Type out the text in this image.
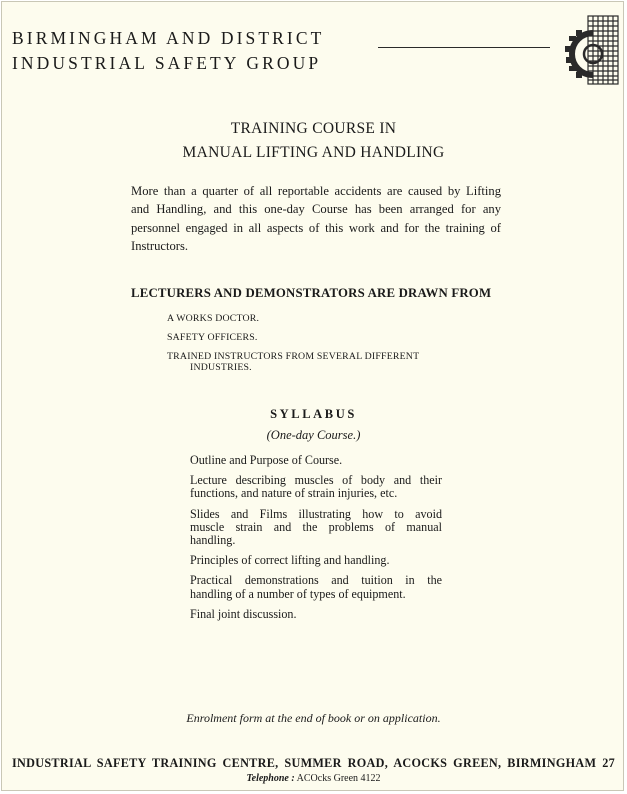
BIRMINGHAM AND DISTRICT
INDUSTRIAL SAFETY GROUP
TRAINING COURSE IN
MANUAL LIFTING AND HANDLING
More than a quarter of all reportable accidents are caused by Lifting
and Handling, and this one-day Course has been arranged for any
personnel engaged in all aspects of this work and for the training of
Instructors.
LECTURERS AND DEMONSTRATORS ARE DRAWN FROM
A WORKS DOCTOR.
SAFETY OFFICERS.
TRAINED INSTRUCTORS FROM SEVERAL DIFFERENT
INDUSTRIES.
SYLLABUS
(One-day Course.)
Outline and Purpose of Course.
Lecture describing muscles of body and their
functions, and nature of strain injuries, etc.
Slides and Films illustrating how to avoid
muscle strain and the problems of manual
handling.
Principles of correct lifting and handling.
Practical demonstrations and tuition in the
handling of a number of types of equipment.
Final joint discussion.
Enrolment form at the end of book or on application.
INDUSTRIAL SAFETY TRAINING CENTRE, SUMMER ROAD, ACOCKS GREEN, BIRMINGHAM 27
Telephone : ACOcks Green 4122
